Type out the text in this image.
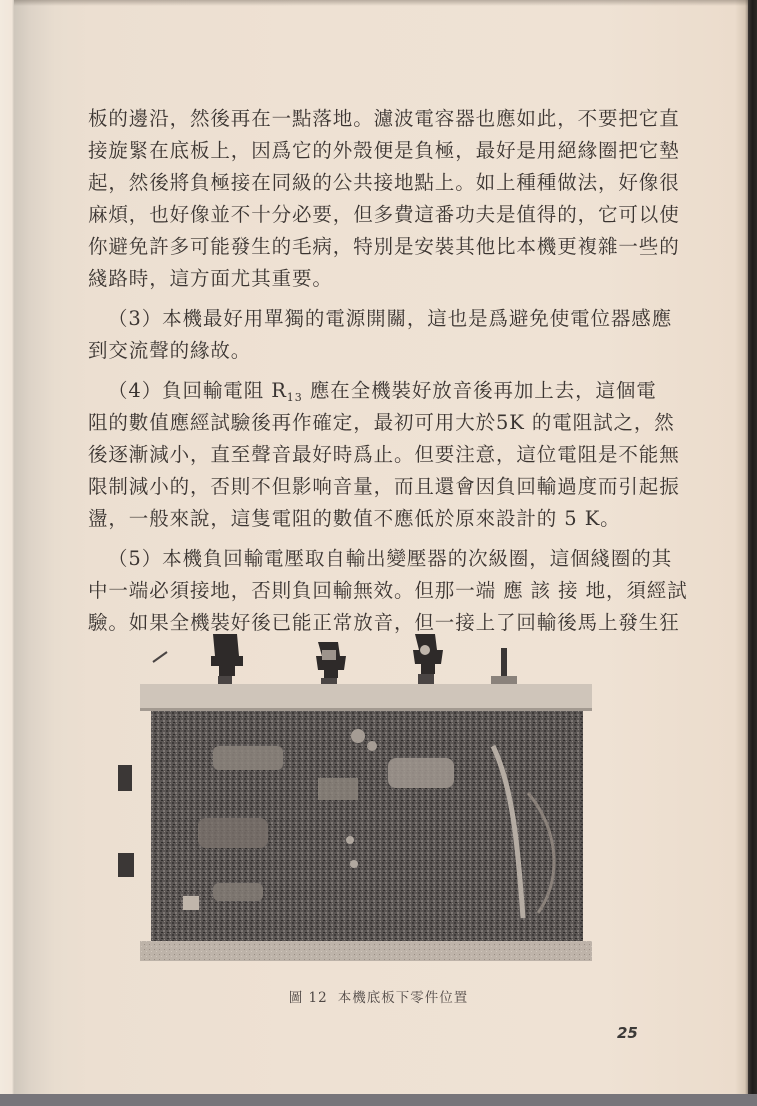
板的邊沿，然後再在一點落地。濾波電容器也應如此，不要把它直
接旋緊在底板上，因爲它的外殼便是負極，最好是用絕緣圈把它墊
起，然後將負極接在同級的公共接地點上。如上種種做法，好像很
麻煩，也好像並不十分必要，但多費這番功夫是值得的，它可以使
你避免許多可能發生的毛病，特別是安裝其他比本機更複雜一些的
綫路時，這方面尤其重要。
（3）本機最好用單獨的電源開關，這也是爲避免使電位器感應
到交流聲的緣故。
（4）負回輸電阻 $R_{13}$ 應在全機裝好放音後再加上去，這個電
阻的數值應經試驗後再作確定，最初可用大於5K 的電阻試之，然
後逐漸減小，直至聲音最好時爲止。但要注意，這位電阻是不能無
限制減小的，否則不但影响音量，而且還會因負回輸過度而引起振
盪，一般來說，這隻電阻的數值不應低於原來設計的 5 K。
（5）本機負回輸電壓取自輸出變壓器的次級圈，這個綫圈的其
中一端必須接地，否則負回輸無效。但那一端 應 該 接 地，須經試
驗。如果全機裝好後已能正常放音，但一接上了回輸後馬上發生狂
圖 12 本機底板下零件位置
25
